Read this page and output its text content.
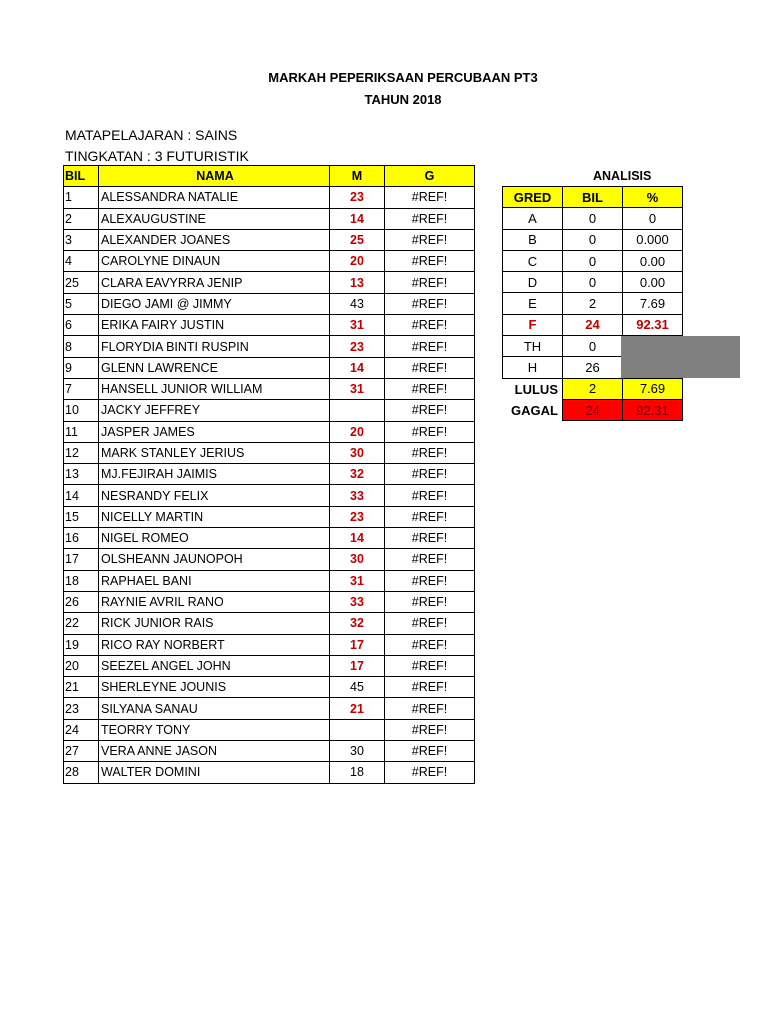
MARKAH PEPERIKSAAN PERCUBAAN PT3
TAHUN 2018
MATAPELAJARAN : SAINS
TINGKATAN : 3 FUTURISTIK
BIL	NAMA	M	G
1	ALESSANDRA NATALIE	23	#REF!
2	ALEXAUGUSTINE	14	#REF!
3	ALEXANDER JOANES	25	#REF!
4	CAROLYNE DINAUN	20	#REF!
25	CLARA EAVYRRA JENIP	13	#REF!
5	DIEGO JAMI @ JIMMY	43	#REF!
6	ERIKA FAIRY JUSTIN	31	#REF!
8	FLORYDIA BINTI RUSPIN	23	#REF!
9	GLENN LAWRENCE	14	#REF!
7	HANSELL JUNIOR WILLIAM	31	#REF!
10	JACKY JEFFREY		#REF!
11	JASPER JAMES	20	#REF!
12	MARK STANLEY JERIUS	30	#REF!
13	MJ.FEJIRAH JAIMIS	32	#REF!
14	NESRANDY FELIX	33	#REF!
15	NICELLY MARTIN	23	#REF!
16	NIGEL ROMEO	14	#REF!
17	OLSHEANN JAUNOPOH	30	#REF!
18	RAPHAEL BANI	31	#REF!
26	RAYNIE AVRIL RANO	33	#REF!
22	RICK JUNIOR RAIS	32	#REF!
19	RICO RAY NORBERT	17	#REF!
20	SEEZEL ANGEL JOHN	17	#REF!
21	SHERLEYNE JOUNIS	45	#REF!
23	SILYANA SANAU	21	#REF!
24	TEORRY TONY		#REF!
27	VERA ANNE JASON	30	#REF!
28	WALTER DOMINI	18	#REF!
ANALISIS
GRED	BIL	%
A	0	0
B	0	0.000
C	0	0.00
D	0	0.00
E	2	7.69
F	24	92.31
TH	0	
H	26	
LULUS	2	7.69
GAGAL	24	92.31
